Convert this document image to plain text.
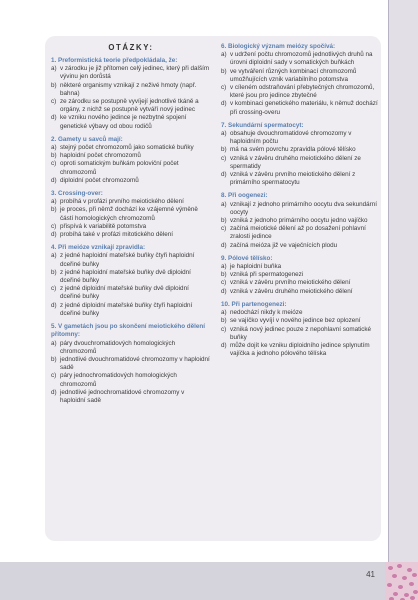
41
OTÁZKY:
1. Preformistická teorie předpokládala, že:
a) v zárodku je již přítomen celý jedinec, který při dalším vývinu jen dorůstá
b) některé organismy vznikají z neživé hmoty (např. bahna)
c) ze zárodku se postupně vyvíjejí jednotlivé tkáně a orgány, z nichž se postupně vytváří nový jedinec
d) ke vzniku nového jedince je nezbytné spojení genetické výbavy od obou rodičů
2. Gamety u savců mají:
a) stejný počet chromozomů jako somatické buňky
b) haploidní počet chromozomů
c) oproti somatickým buňkám poloviční počet chromozomů
d) diploidní počet chromozomů
3. Crossing-over:
a) probíhá v profázi prvního meiotického dělení
b) je proces, při němž dochází ke vzájemné výměně částí homologických chromozomů
c) přispívá k variabilitě potomstva
d) probíhá také v profázi mitotického dělení
4. Při meióze vznikají zpravidla:
a) z jedné haploidní mateřské buňky čtyři haploidní dceřiné buňky
b) z jedné haploidní mateřské buňky dvě diploidní dceřiné buňky
c) z jedné diploidní mateřské buňky dvě diploidní dceřiné buňky
d) z jedné diploidní mateřské buňky čtyři haploidní dceřiné buňky
5. V gametách jsou po skončení meiotického dělení přítomny:
a) páry dvouchromatidových homologických chromozomů
b) jednotlivé dvouchromatidové chromozomy v haploidní sadě
c) páry jednochromatidových homologických chromozomů
d) jednotlivé jednochromatidové chromozomy v haploidní sadě
6. Biologický význam meiózy spočívá:
a) v udržení počtu chromozomů jednotlivých druhů na úrovni diploidní sady v somatických buňkách
b) ve vytváření různých kombinací chromozomů umožňujících vznik variabilního potomstva
c) v cíleném odstraňování přebytečných chromozomů, které jsou pro jedince zbytečné
d) v kombinaci genetického materiálu, k němuž dochází při crossing-overu
7. Sekundární spermatocyt:
a) obsahuje dvouchromatidové chromozomy v haploidním počtu
b) má na svém povrchu zpravidla pólové tělísko
c) vzniká v závěru druhého meiotického dělení ze spermatidy
d) vzniká v závěru prvního meiotického dělení z primárního spermatocytu
8. Při oogenezi:
a) vznikají z jednoho primárního oocytu dva sekundární oocyty
b) vzniká z jednoho primárního oocytu jedno vajíčko
c) začíná meiotické dělení až po dosažení pohlavní zralosti jedince
d) začíná meióza již ve vaječnících plodu
9. Pólové tělísko:
a) je haploidní buňka
b) vzniká při spermatogenezi
c) vzniká v závěru prvního meiotického dělení
d) vzniká v závěru druhého meiotického dělení
10. Při partenogenezi:
a) nedochází nikdy k meióze
b) se vajíčko vyvíjí v nového jedince bez oplození
c) vzniká nový jedinec pouze z nepohlavní somatické buňky
d) může dojít ke vzniku diploidního jedince splynutím vajíčka a jednoho pólového tělíska
